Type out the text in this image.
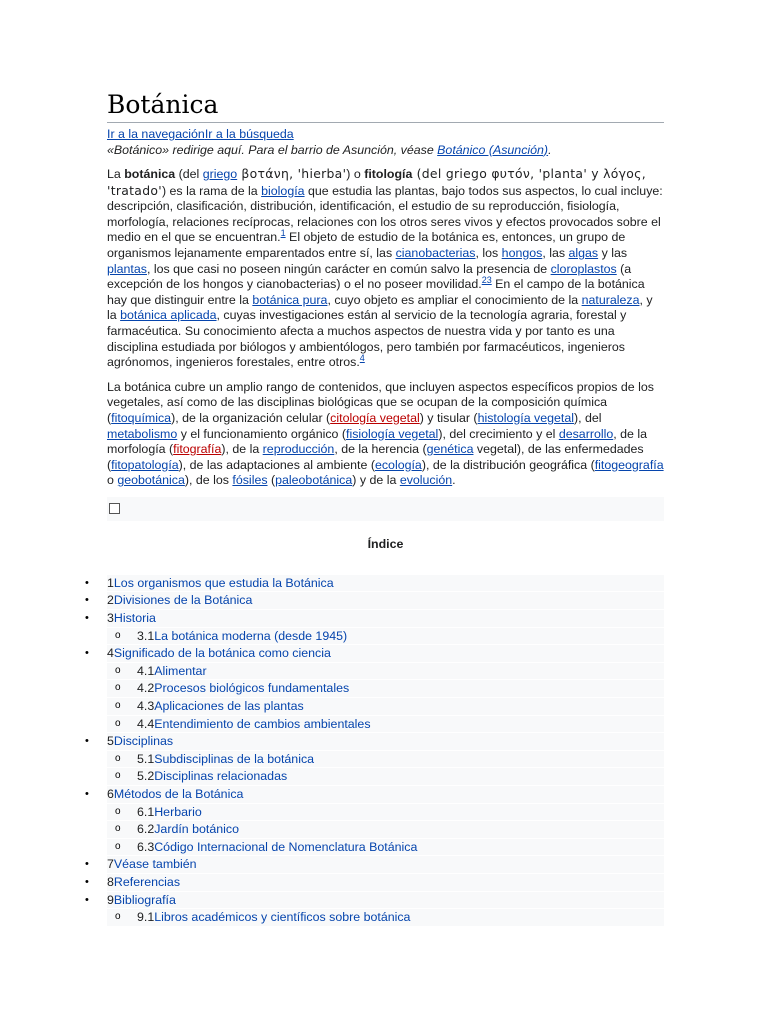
Botánica
Ir a la navegaciónIr a la búsqueda
«Botánico» redirige aquí. Para el barrio de Asunción, véase Botánico (Asunción).

La botánica (del griego βοτάνη, 'hierba') o fitología (del griego φυτόν, 'planta' y λόγος, 'tratado') es la rama de la biología que estudia las plantas, bajo todos sus aspectos, lo cual incluye: descripción, clasificación, distribución, identificación, el estudio de su reproducción, fisiología, morfología, relaciones recíprocas, relaciones con los otros seres vivos y efectos provocados sobre el medio en el que se encuentran.$^1$ El objeto de estudio de la botánica es, entonces, un grupo de organismos lejanamente emparentados entre sí, las cianobacterias, los hongos, las algas y las plantas, los que casi no poseen ningún carácter en común salvo la presencia de cloroplastos (a excepción de los hongos y cianobacterias) o el no poseer movilidad.$^{23}$ En el campo de la botánica hay que distinguir entre la botánica pura, cuyo objeto es ampliar el conocimiento de la naturaleza, y la botánica aplicada, cuyas investigaciones están al servicio de la tecnología agraria, forestal y farmacéutica. Su conocimiento afecta a muchos aspectos de nuestra vida y por tanto es una disciplina estudiada por biólogos y ambientólogos, pero también por farmacéuticos, ingenieros agrónomos, ingenieros forestales, entre otros.$^4$

La botánica cubre un amplio rango de contenidos, que incluyen aspectos específicos propios de los vegetales, así como de las disciplinas biológicas que se ocupan de la composición química (fitoquímica), de la organización celular (citología vegetal) y tisular (histología vegetal), del metabolismo y el funcionamiento orgánico (fisiología vegetal), del crecimiento y el desarrollo, de la morfología (fitografía), de la reproducción, de la herencia (genética vegetal), de las enfermedades (fitopatología), de las adaptaciones al ambiente (ecología), de la distribución geográfica (fitogeografía o geobotánica), de los fósiles (paleobotánica) y de la evolución.

Índice
• 1Los organismos que estudia la Botánica
• 2Divisiones de la Botánica
• 3Historia
o 3.1La botánica moderna (desde 1945)
• 4Significado de la botánica como ciencia
o 4.1Alimentar
o 4.2Procesos biológicos fundamentales
o 4.3Aplicaciones de las plantas
o 4.4Entendimiento de cambios ambientales
• 5Disciplinas
o 5.1Subdisciplinas de la botánica
o 5.2Disciplinas relacionadas
• 6Métodos de la Botánica
o 6.1Herbario
o 6.2Jardín botánico
o 6.3Código Internacional de Nomenclatura Botánica
• 7Véase también
• 8Referencias
• 9Bibliografía
o 9.1Libros académicos y científicos sobre botánica
